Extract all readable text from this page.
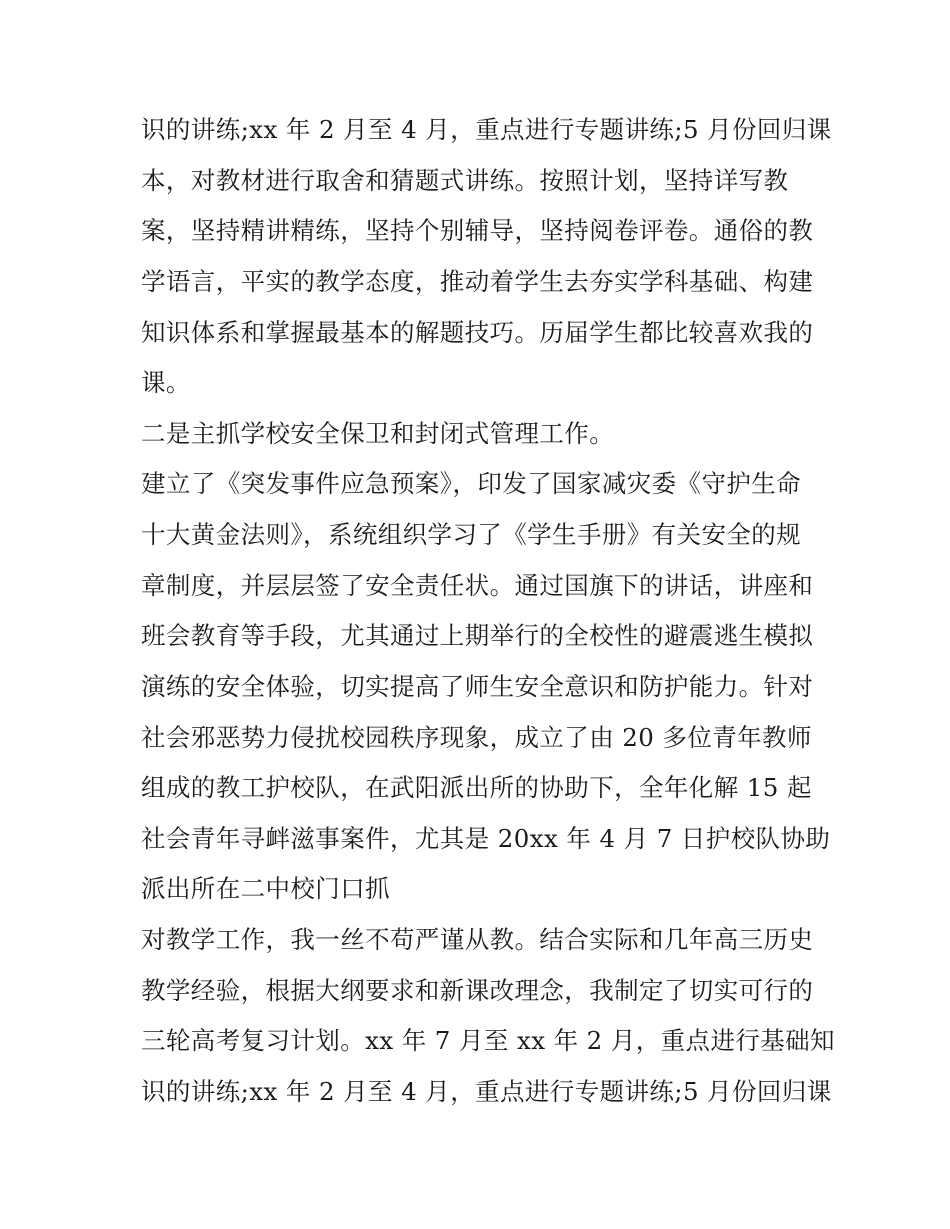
识的讲练;xx 年 2 月至 4 月，重点进行专题讲练;5 月份回归课
本，对教材进行取舍和猜题式讲练。按照计划，坚持详写教
案，坚持精讲精练，坚持个别辅导，坚持阅卷评卷。通俗的教
学语言，平实的教学态度，推动着学生去夯实学科基础、构建
知识体系和掌握最基本的解题技巧。历届学生都比较喜欢我的
课。
二是主抓学校安全保卫和封闭式管理工作。
建立了《突发事件应急预案》，印发了国家减灾委《守护生命
十大黄金法则》，系统组织学习了《学生手册》有关安全的规
章制度，并层层签了安全责任状。通过国旗下的讲话，讲座和
班会教育等手段，尤其通过上期举行的全校性的避震逃生模拟
演练的安全体验，切实提高了师生安全意识和防护能力。针对
社会邪恶势力侵扰校园秩序现象，成立了由 20 多位青年教师
组成的教工护校队，在武阳派出所的协助下，全年化解 15 起
社会青年寻衅滋事案件，尤其是 20xx 年 4 月 7 日护校队协助
派出所在二中校门口抓
对教学工作，我一丝不苟严谨从教。结合实际和几年高三历史
教学经验，根据大纲要求和新课改理念，我制定了切实可行的
三轮高考复习计划。xx 年 7 月至 xx 年 2 月，重点进行基础知
识的讲练;xx 年 2 月至 4 月，重点进行专题讲练;5 月份回归课
